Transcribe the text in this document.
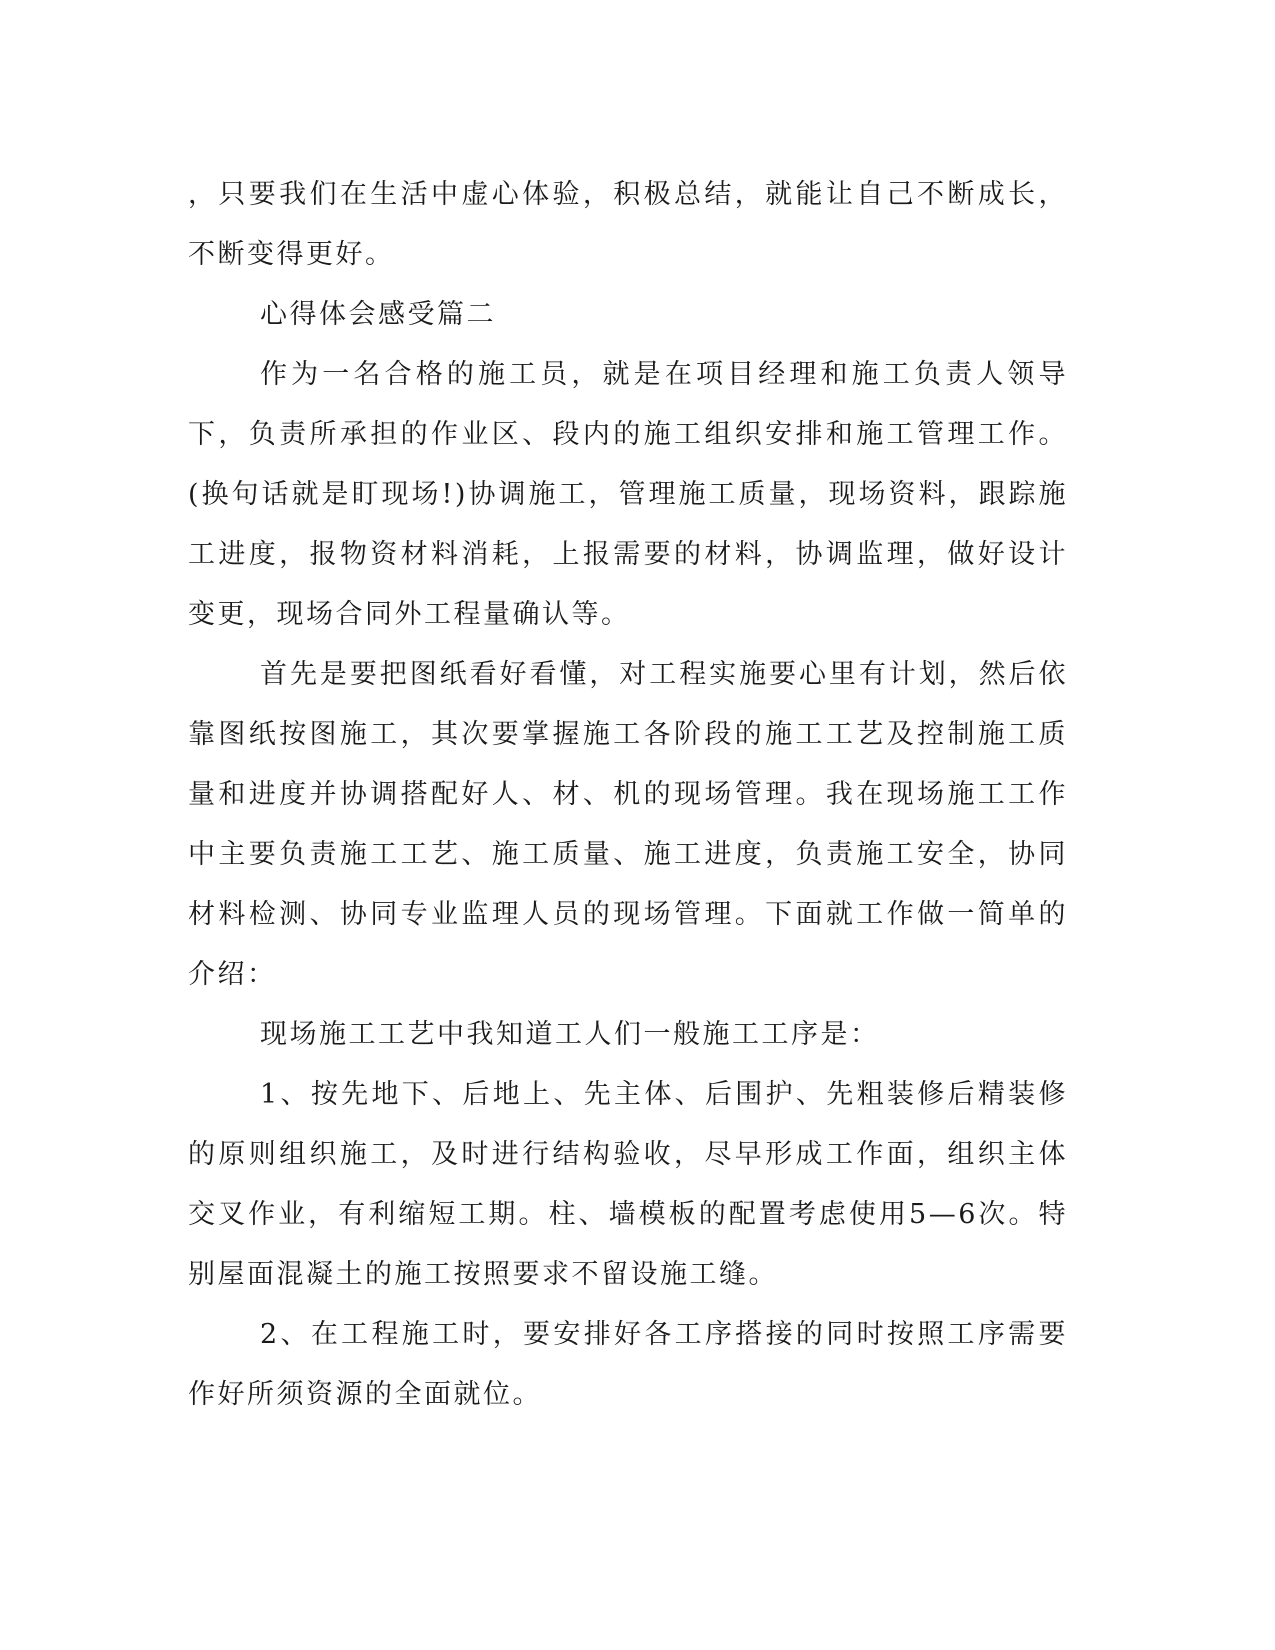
，只要我们在生活中虚心体验，积极总结，就能让自己不断成长，不断变得更好。

心得体会感受篇二

作为一名合格的施工员，就是在项目经理和施工负责人领导下，负责所承担的作业区、段内的施工组织安排和施工管理工作。(换句话就是盯现场!)协调施工，管理施工质量，现场资料，跟踪施工进度，报物资材料消耗，上报需要的材料，协调监理，做好设计变更，现场合同外工程量确认等。

首先是要把图纸看好看懂，对工程实施要心里有计划，然后依靠图纸按图施工，其次要掌握施工各阶段的施工工艺及控制施工质量和进度并协调搭配好人、材、机的现场管理。我在现场施工工作中主要负责施工工艺、施工质量、施工进度，负责施工安全，协同材料检测、协同专业监理人员的现场管理。下面就工作做一简单的介绍：

现场施工工艺中我知道工人们一般施工工序是：

1、按先地下、后地上、先主体、后围护、先粗装修后精装修的原则组织施工，及时进行结构验收，尽早形成工作面，组织主体交叉作业，有利缩短工期。柱、墙模板的配置考虑使用5—6次。特别屋面混凝土的施工按照要求不留设施工缝。

2、在工程施工时，要安排好各工序搭接的同时按照工序需要作好所须资源的全面就位。
